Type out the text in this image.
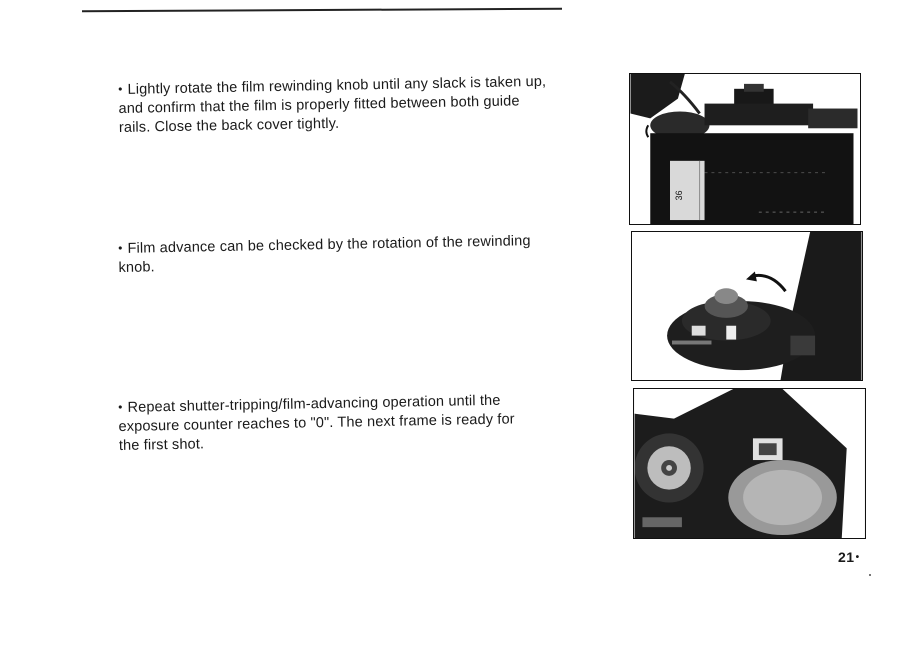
• Lightly rotate the film rewinding knob until any slack is taken up,
and confirm that the film is properly fitted between both guide
rails. Close the back cover tightly.
• Film advance can be checked by the rotation of the rewinding
knob.
• Repeat shutter-tripping/film-advancing operation until the
exposure counter reaches to "0". The next frame is ready for
the first shot.
36
21•
